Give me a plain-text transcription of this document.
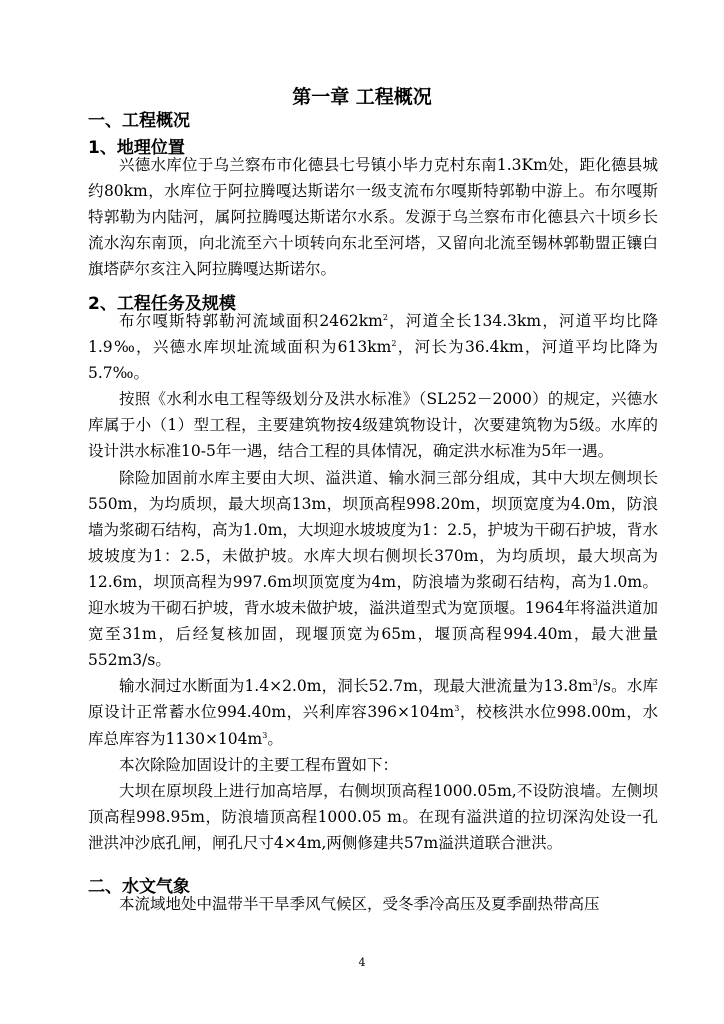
第一章 工程概况
一、工程概况
1、地理位置

兴德水库位于乌兰察布市化德县七号镇小毕力克村东南1.3Km处，距化德县城约80km，水库位于阿拉腾嘎达斯诺尔一级支流布尔嘎斯特郭勒中游上。布尔嘎斯特郭勒为内陆河，属阿拉腾嘎达斯诺尔水系。发源于乌兰察布市化德县六十顷乡长流水沟东南顶，向北流至六十顷转向东北至河塔，又留向北流至锡林郭勒盟正镶白旗塔萨尔亥注入阿拉腾嘎达斯诺尔。

2、工程任务及规模

布尔嘎斯特郭勒河流域面积$2462km^2$，河道全长134.3km，河道平均比降1.9‰，兴德水库坝址流域面积为$613km^2$，河长为36.4km，河道平均比降为5.7‰。

按照《水利水电工程等级划分及洪水标准》（SL252－2000）的规定，兴德水库属于小（1）型工程，主要建筑物按4级建筑物设计，次要建筑物为5级。水库的设计洪水标准10-5年一遇，结合工程的具体情况，确定洪水标准为5年一遇。

除险加固前水库主要由大坝、溢洪道、输水洞三部分组成，其中大坝左侧坝长550m，为均质坝，最大坝高13m，坝顶高程998.20m，坝顶宽度为4.0m，防浪墙为浆砌石结构，高为1.0m，大坝迎水坡坡度为1：2.5，护坡为干砌石护坡，背水坡坡度为1：2.5，未做护坡。水库大坝右侧坝长370m，为均质坝，最大坝高为12.6m，坝顶高程为997.6m坝顶宽度为4m，防浪墙为浆砌石结构，高为1.0m。迎水坡为干砌石护坡，背水坡未做护坡，溢洪道型式为宽顶堰。1964年将溢洪道加宽至31m，后经复核加固，现堰顶宽为65m，堰顶高程994.40m，最大泄量552m3/s。

输水洞过水断面为1.4×2.0m，洞长52.7m，现最大泄流量为$13.8m^3/s$。水库原设计正常蓄水位994.40m，兴利库容$396\times 104m^3$，校核洪水位998.00m，水库总库容为$1130\times 104m^3$。

本次除险加固设计的主要工程布置如下：

大坝在原坝段上进行加高培厚，右侧坝顶高程1000.05m,不设防浪墙。左侧坝顶高程998.95m，防浪墙顶高程1000.05 m。在现有溢洪道的拉切深沟处设一孔泄洪冲沙底孔闸，闸孔尺寸4×4m,两侧修建共57m溢洪道联合泄洪。

二、水文气象

本流域地处中温带半干旱季风气候区，受冬季冷高压及夏季副热带高压

4
